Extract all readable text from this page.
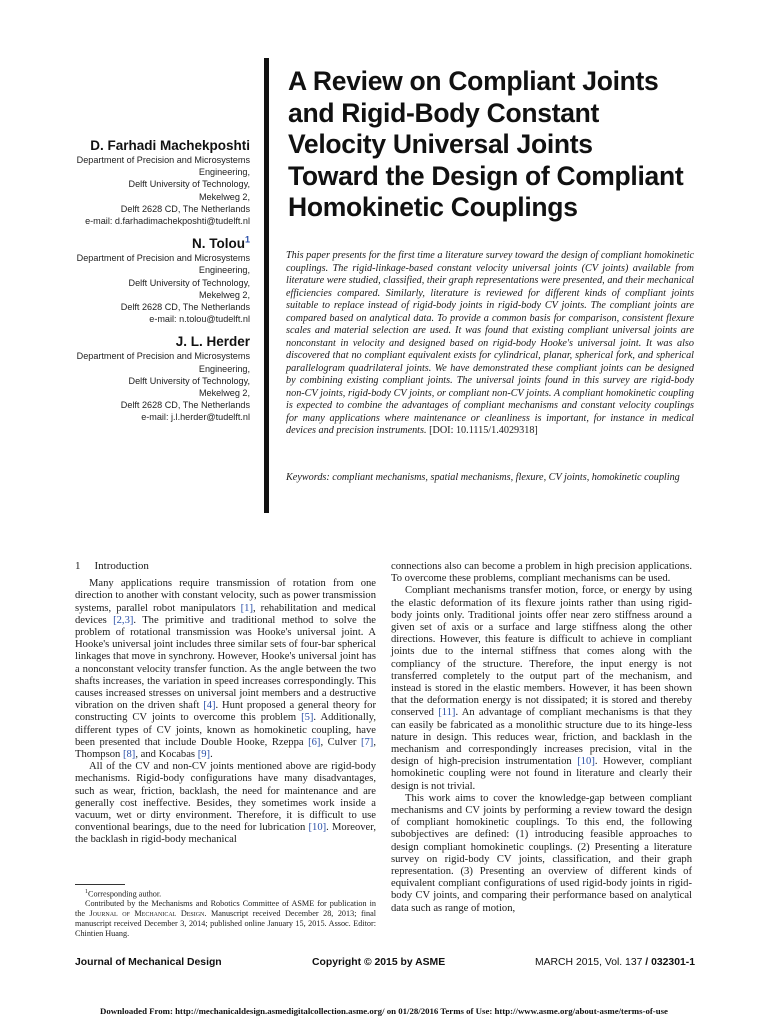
A Review on Compliant Joints
and Rigid-Body Constant
Velocity Universal Joints
Toward the Design of Compliant
Homokinetic Couplings
D. Farhadi Machekposhti
Department of Precision and Microsystems
Engineering,
Delft University of Technology,
Mekelweg 2,
Delft 2628 CD, The Netherlands
e-mail: d.farhadimachekposhti@tudelft.nl
N. Tolou$^1$
Department of Precision and Microsystems
Engineering,
Delft University of Technology,
Mekelweg 2,
Delft 2628 CD, The Netherlands
e-mail: n.tolou@tudelft.nl
J. L. Herder
Department of Precision and Microsystems
Engineering,
Delft University of Technology,
Mekelweg 2,
Delft 2628 CD, The Netherlands
e-mail: j.l.herder@tudelft.nl
This paper presents for the first time a literature survey toward the design of compliant homokinetic couplings. The rigid-linkage-based constant velocity universal joints (CV joints) available from literature were studied, classified, their graph representations were presented, and their mechanical efficiencies compared. Similarly, literature is reviewed for different kinds of compliant joints suitable to replace instead of rigid-body joints in rigid-body CV joints. The compliant joints are compared based on analytical data. To provide a common basis for comparison, consistent flexure scales and material selection are used. It was found that existing compliant universal joints are nonconstant in velocity and designed based on rigid-body Hooke's universal joint. It was also discovered that no compliant equivalent exists for cylindrical, planar, spherical fork, and spherical parallelogram quadrilateral joints. We have demonstrated these compliant joints can be designed by combining existing compliant joints. The universal joints found in this survey are rigid-body non-CV joints, rigid-body CV joints, or compliant non-CV joints. A compliant homokinetic coupling is expected to combine the advantages of compliant mechanisms and constant velocity couplings for many applications where maintenance or cleanliness is important, for instance in medical devices and precision instruments. [DOI: 10.1115/1.4029318]
Keywords: compliant mechanisms, spatial mechanisms, flexure, CV joints, homokinetic coupling
1 Introduction

Many applications require transmission of rotation from one direction to another with constant velocity, such as power transmission systems, parallel robot manipulators [1], rehabilitation and medical devices [2,3]. The primitive and traditional method to solve the problem of rotational transmission was Hooke's universal joint. A Hooke's universal joint includes three similar sets of four-bar spherical linkages that move in synchrony. However, Hooke's universal joint has a nonconstant velocity transfer function. As the angle between the two shafts increases, the variation in speed increases correspondingly. This causes increased stresses on universal joint members and a destructive vibration on the driven shaft [4]. Hunt proposed a general theory for constructing CV joints to overcome this problem [5]. Additionally, different types of CV joints, known as homokinetic coupling, have been presented that include Double Hooke, Rzeppa [6], Culver [7], Thompson [8], and Kocabas [9].

All of the CV and non-CV joints mentioned above are rigid-body mechanisms. Rigid-body configurations have many disadvantages, such as wear, friction, backlash, the need for maintenance and are generally cost ineffective. Besides, they sometimes work inside a vacuum, wet or dirty environment. Therefore, it is difficult to use conventional bearings, due to the need for lubrication [10]. Moreover, the backlash in rigid-body mechanical

connections also can become a problem in high precision applications. To overcome these problems, compliant mechanisms can be used.

Compliant mechanisms transfer motion, force, or energy by using the elastic deformation of its flexure joints rather than using rigid-body joints only. Traditional joints offer near zero stiffness around a given set of axis or a surface and large stiffness along the other directions. However, this feature is difficult to achieve in compliant joints due to the internal stiffness that comes along with the compliancy of the structure. Therefore, the input energy is not transferred completely to the output part of the mechanism, and instead is stored in the elastic members. However, it has been shown that the deformation energy is not dissipated; it is stored and thereby conserved [11]. An advantage of compliant mechanisms is that they can easily be fabricated as a monolithic structure due to its hinge-less nature in design. This reduces wear, friction, and backlash in the mechanism and correspondingly increases precision, vital in the design of high-precision instrumentation [10]. However, compliant homokinetic coupling were not found in literature and clearly their design is not trivial.

This work aims to cover the knowledge-gap between compliant mechanisms and CV joints by performing a review toward the design of compliant homokinetic couplings. To this end, the following subobjectives are defined: (1) introducing feasible approaches to design compliant homokinetic couplings. (2) Presenting a literature survey on rigid-body CV joints, classification, and their graph representation. (3) Presenting an overview of different kinds of equivalent compliant configurations of used rigid-body joints in rigid-body CV joints, and comparing their performance based on analytical data such as range of motion,

$^1$Corresponding author.

Contributed by the Mechanisms and Robotics Committee of ASME for publication in the Journal of Mechanical Design. Manuscript received December 28, 2013; final manuscript received December 3, 2014; published online January 15, 2015. Assoc. Editor: Chintien Huang.

Journal of Mechanical Design	Copyright © 2015 by ASME	MARCH 2015, Vol. 137 / 032301-1
Downloaded From: http://mechanicaldesign.asmedigitalcollection.asme.org/ on 01/28/2016 Terms of Use: http://www.asme.org/about-asme/terms-of-use
